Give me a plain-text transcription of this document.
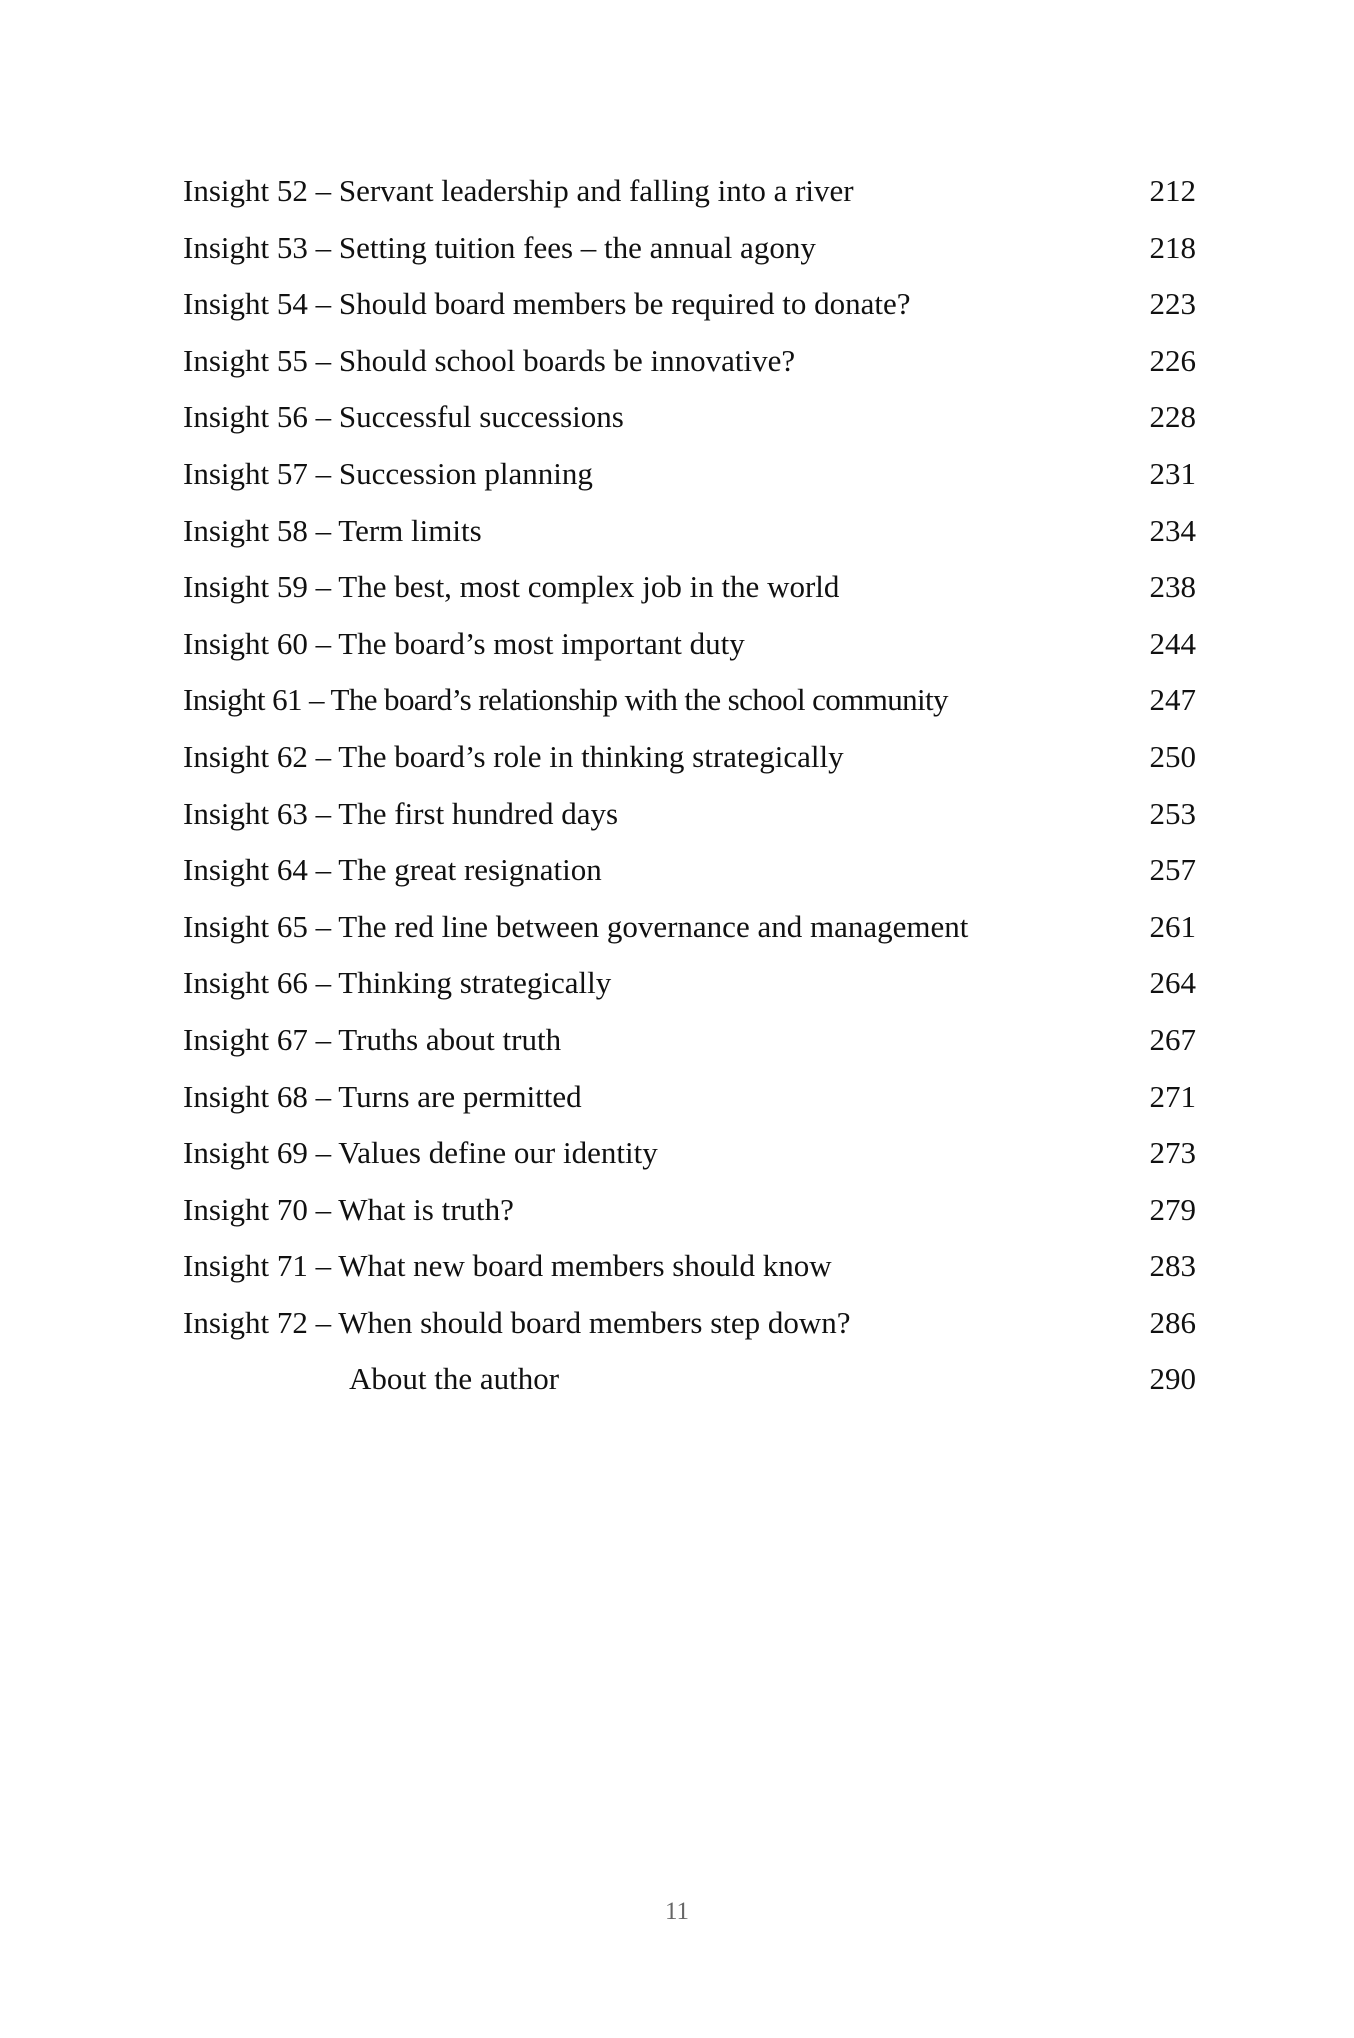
Insight 52 – Servant leadership and falling into a river	212
Insight 53 – Setting tuition fees – the annual agony	218
Insight 54 – Should board members be required to donate?	223
Insight 55 – Should school boards be innovative?	226
Insight 56 – Successful successions	228
Insight 57 – Succession planning	231
Insight 58 – Term limits	234
Insight 59 – The best, most complex job in the world	238
Insight 60 – The board’s most important duty	244
Insight 61 – The board’s relationship with the school community	247
Insight 62 – The board’s role in thinking strategically	250
Insight 63 – The first hundred days	253
Insight 64 – The great resignation	257
Insight 65 – The red line between governance and management	261
Insight 66 – Thinking strategically	264
Insight 67 – Truths about truth	267
Insight 68 – Turns are permitted	271
Insight 69 – Values define our identity	273
Insight 70 – What is truth?	279
Insight 71 – What new board members should know	283
Insight 72 – When should board members step down?	286
About the author	290
11
